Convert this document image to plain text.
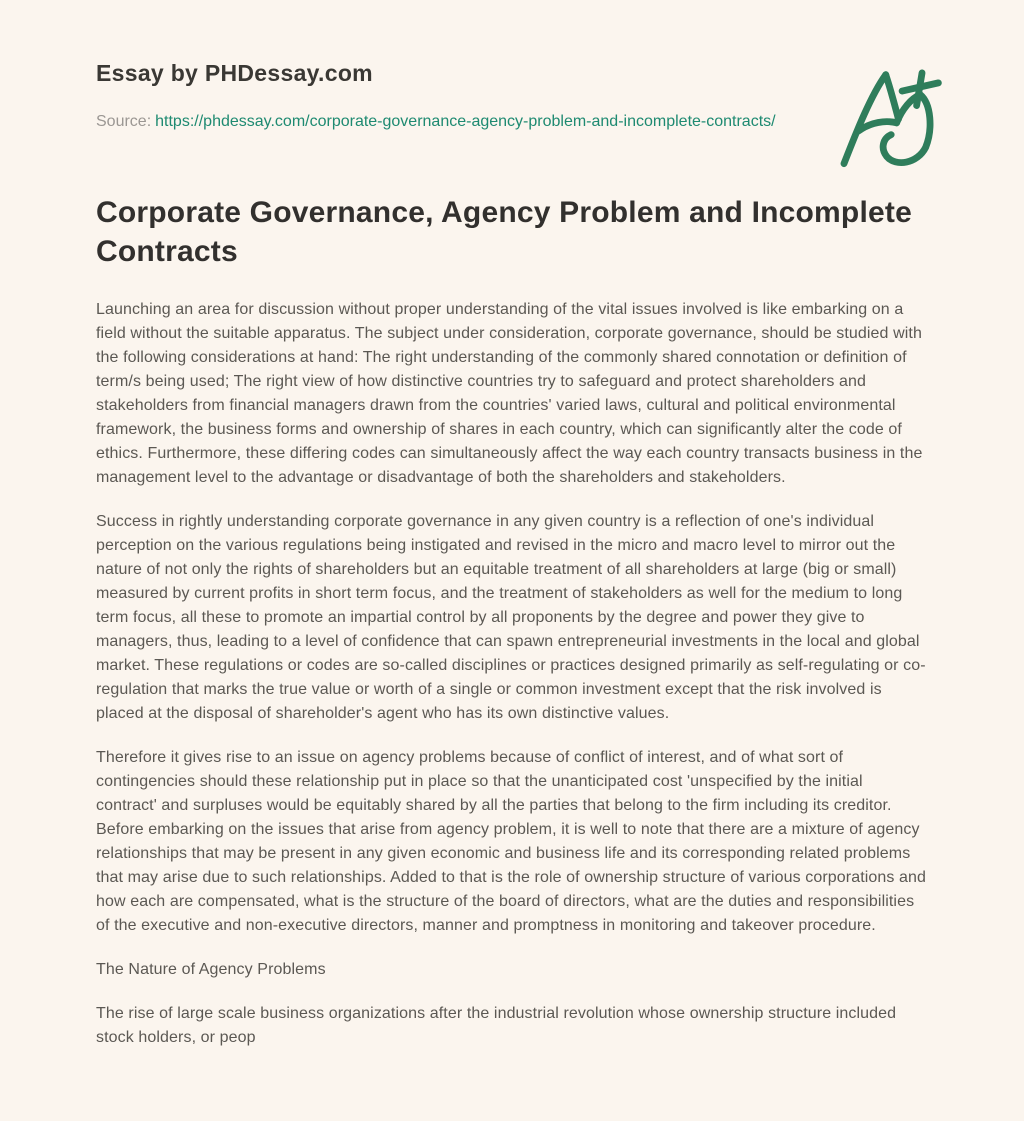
Essay by PHDessay.com
Source: https://phdessay.com/corporate-governance-agency-problem-and-incomplete-contracts/
Corporate Governance, Agency Problem and Incomplete Contracts

Launching an area for discussion without proper understanding of the vital issues involved is like embarking on a field without the suitable apparatus. The subject under consideration, corporate governance, should be studied with the following considerations at hand: The right understanding of the commonly shared connotation or definition of term/s being used; The right view of how distinctive countries try to safeguard and protect shareholders and stakeholders from financial managers drawn from the countries' varied laws, cultural and political environmental framework, the business forms and ownership of shares in each country, which can significantly alter the code of ethics. Furthermore, these differing codes can simultaneously affect the way each country transacts business in the management level to the advantage or disadvantage of both the shareholders and stakeholders.

Success in rightly understanding corporate governance in any given country is a reflection of one's individual perception on the various regulations being instigated and revised in the micro and macro level to mirror out the nature of not only the rights of shareholders but an equitable treatment of all shareholders at large (big or small) measured by current profits in short term focus, and the treatment of stakeholders as well for the medium to long term focus, all these to promote an impartial control by all proponents by the degree and power they give to managers, thus, leading to a level of confidence that can spawn entrepreneurial investments in the local and global market. These regulations or codes are so-called disciplines or practices designed primarily as self-regulating or co-regulation that marks the true value or worth of a single or common investment except that the risk involved is placed at the disposal of shareholder's agent who has its own distinctive values.

Therefore it gives rise to an issue on agency problems because of conflict of interest, and of what sort of contingencies should these relationship put in place so that the unanticipated cost 'unspecified by the initial contract' and surpluses would be equitably shared by all the parties that belong to the firm including its creditor. Before embarking on the issues that arise from agency problem, it is well to note that there are a mixture of agency relationships that may be present in any given economic and business life and its corresponding related problems that may arise due to such relationships. Added to that is the role of ownership structure of various corporations and how each are compensated, what is the structure of the board of directors, what are the duties and responsibilities of the executive and non-executive directors, manner and promptness in monitoring and takeover procedure.

The Nature of Agency Problems

The rise of large scale business organizations after the industrial revolution whose ownership structure included stock holders, or peop
